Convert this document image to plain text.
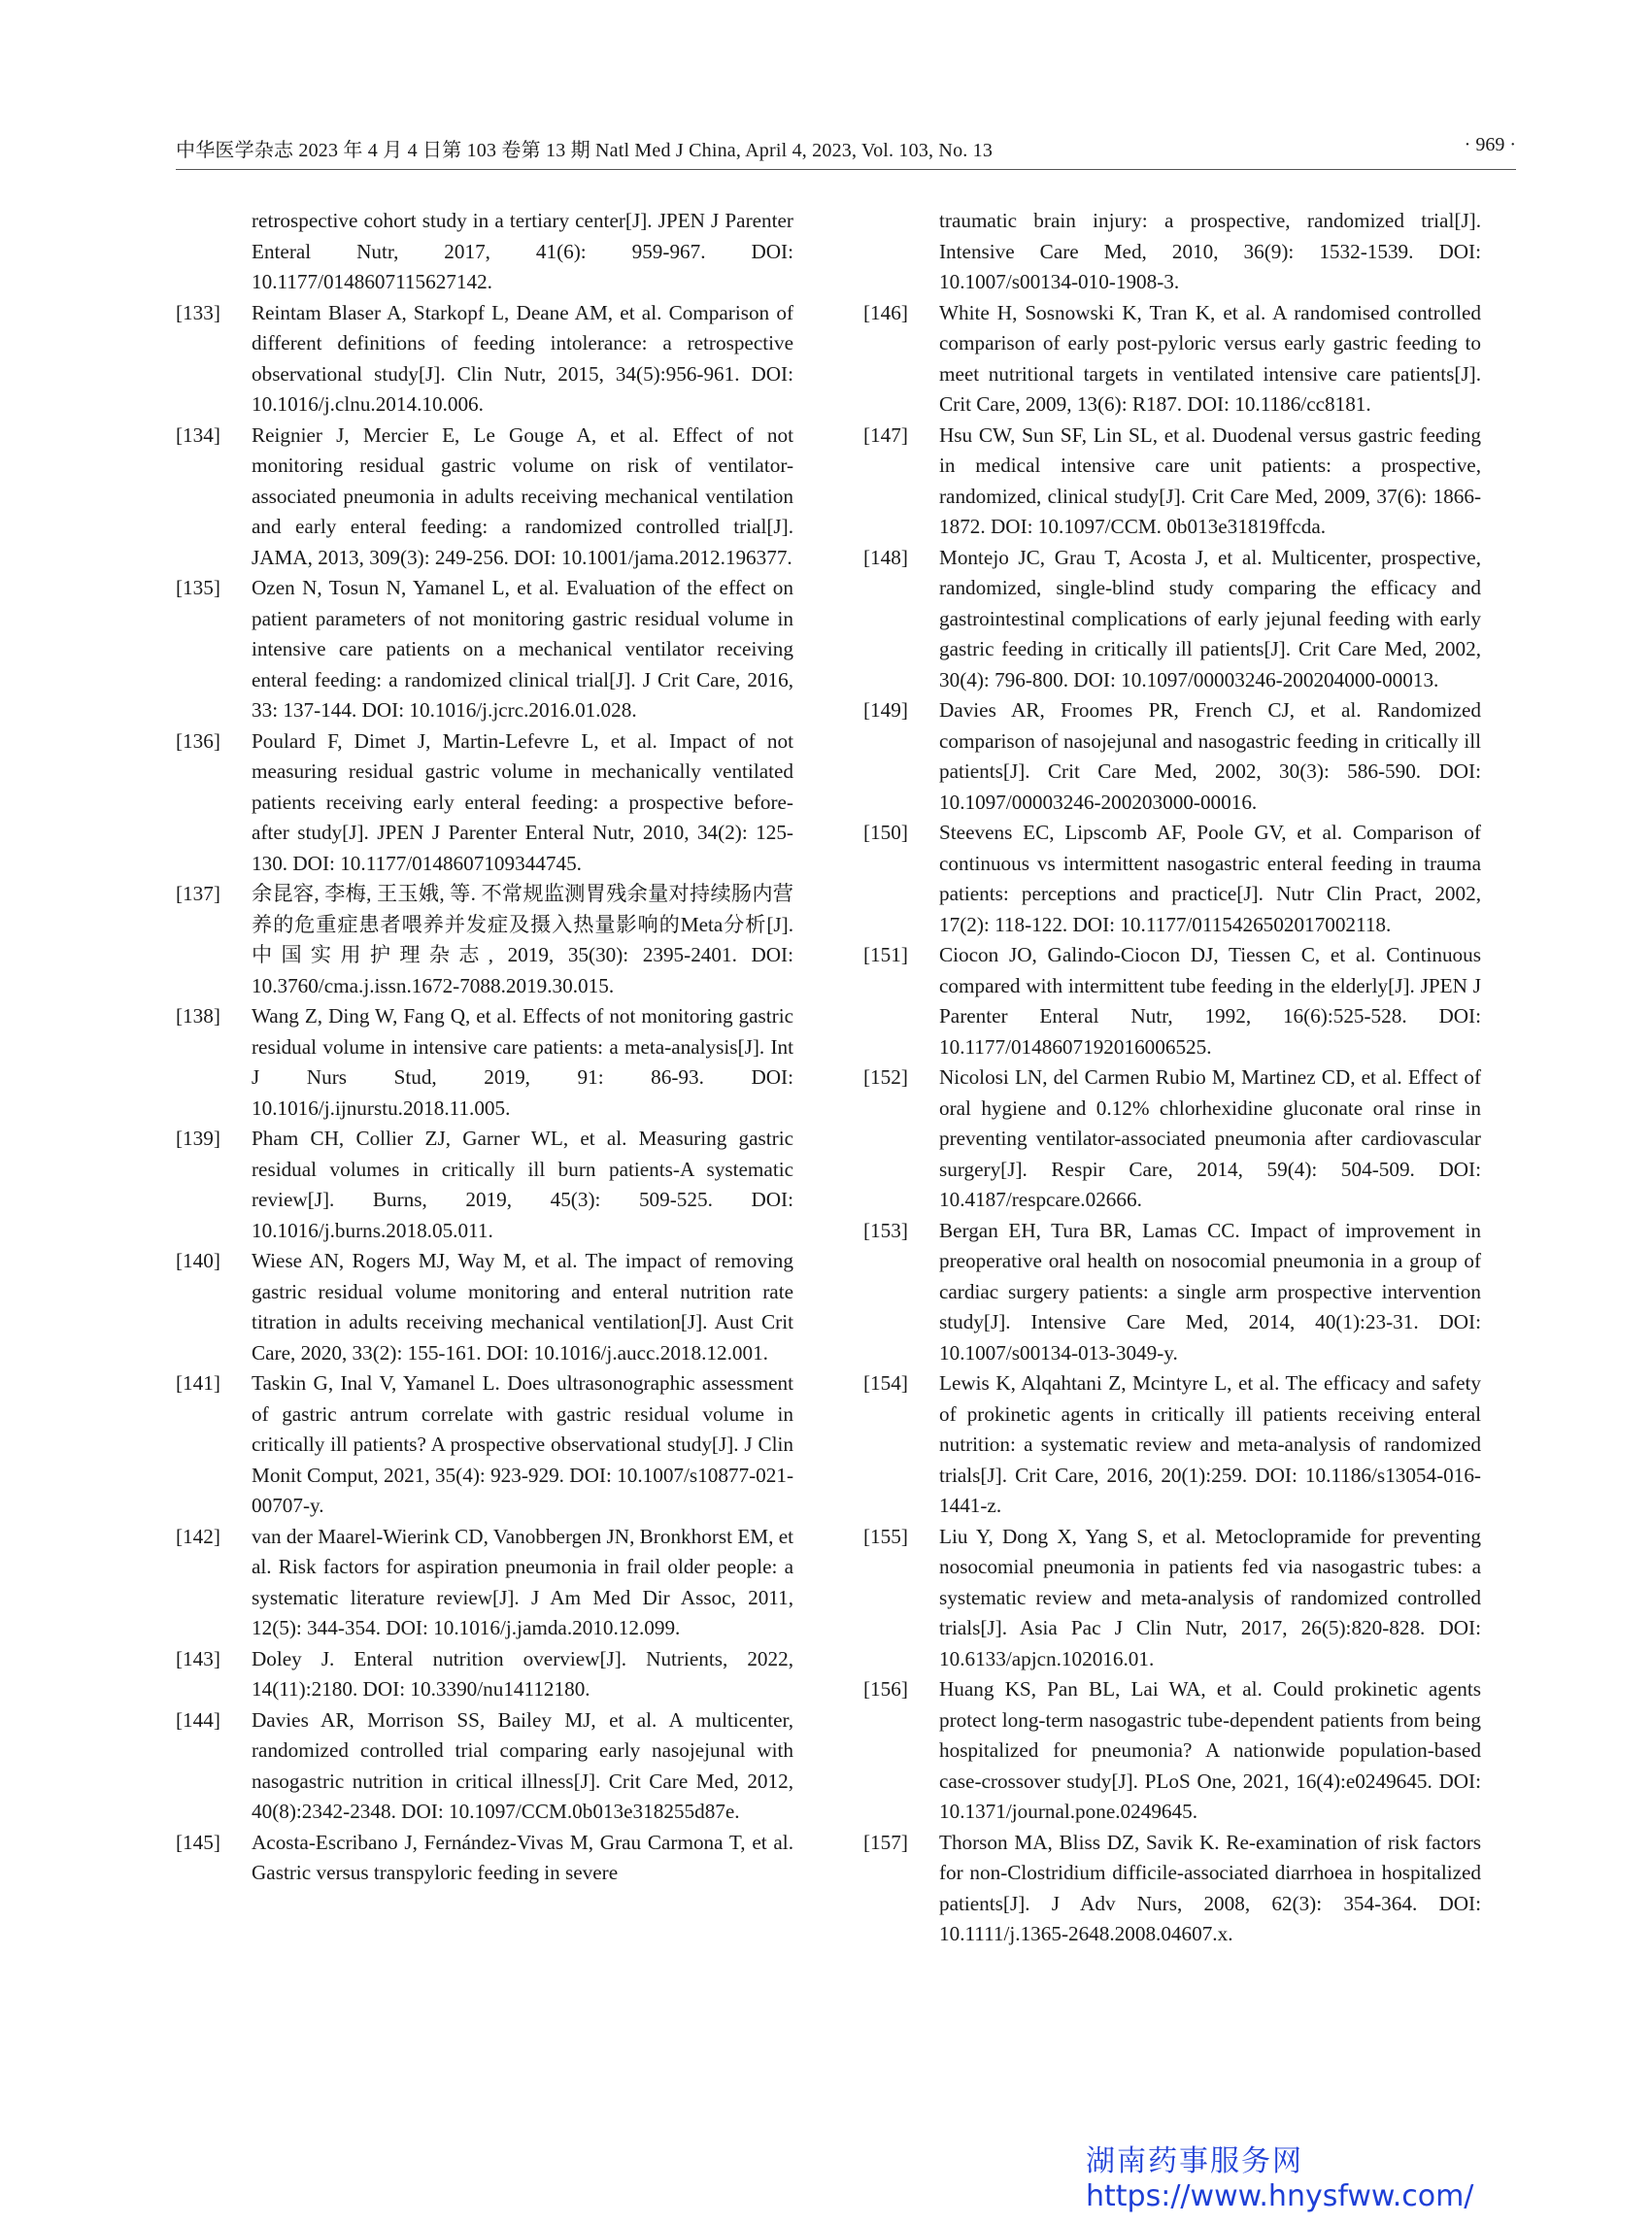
中华医学杂志 2023 年 4 月 4 日第 103 卷第 13 期 Natl Med J China, April 4, 2023, Vol. 103, No. 13	· 969 ·
retrospective cohort study in a tertiary center[J]. JPEN J Parenter Enteral Nutr, 2017, 41(6): 959-967. DOI: 10.1177/0148607115627142.
[133]	Reintam Blaser A, Starkopf L, Deane AM, et al. Comparison of different definitions of feeding intolerance: a retrospective observational study[J]. Clin Nutr, 2015, 34(5):956-961. DOI: 10.1016/j.clnu.2014.10.006.
[134]	Reignier J, Mercier E, Le Gouge A, et al. Effect of not monitoring residual gastric volume on risk of ventilator-associated pneumonia in adults receiving mechanical ventilation and early enteral feeding: a randomized controlled trial[J]. JAMA, 2013, 309(3): 249-256. DOI: 10.1001/jama.2012.196377.
[135]	Ozen N, Tosun N, Yamanel L, et al. Evaluation of the effect on patient parameters of not monitoring gastric residual volume in intensive care patients on a mechanical ventilator receiving enteral feeding: a randomized clinical trial[J]. J Crit Care, 2016, 33: 137-144. DOI: 10.1016/j.jcrc.2016.01.028.
[136]	Poulard F, Dimet J, Martin-Lefevre L, et al. Impact of not measuring residual gastric volume in mechanically ventilated patients receiving early enteral feeding: a prospective before-after study[J]. JPEN J Parenter Enteral Nutr, 2010, 34(2): 125-130. DOI: 10.1177/0148607109344745.
[137]	余昆容, 李梅, 王玉娥, 等. 不常规监测胃残余量对持续肠内营养的危重症患者喂养并发症及摄入热量影响的Meta分析[J]. 中国实用护理杂志, 2019, 35(30): 2395-2401. DOI: 10.3760/cma.j.issn.1672-7088.2019.30.015.
[138]	Wang Z, Ding W, Fang Q, et al. Effects of not monitoring gastric residual volume in intensive care patients: a meta-analysis[J]. Int J Nurs Stud, 2019, 91: 86-93. DOI: 10.1016/j.ijnurstu.2018.11.005.
[139]	Pham CH, Collier ZJ, Garner WL, et al. Measuring gastric residual volumes in critically ill burn patients-A systematic review[J]. Burns, 2019, 45(3): 509-525. DOI: 10.1016/j.burns.2018.05.011.
[140]	Wiese AN, Rogers MJ, Way M, et al. The impact of removing gastric residual volume monitoring and enteral nutrition rate titration in adults receiving mechanical ventilation[J]. Aust Crit Care, 2020, 33(2): 155-161. DOI: 10.1016/j.aucc.2018.12.001.
[141]	Taskin G, Inal V, Yamanel L. Does ultrasonographic assessment of gastric antrum correlate with gastric residual volume in critically ill patients? A prospective observational study[J]. J Clin Monit Comput, 2021, 35(4): 923-929. DOI: 10.1007/s10877-021-00707-y.
[142]	van der Maarel-Wierink CD, Vanobbergen JN, Bronkhorst EM, et al. Risk factors for aspiration pneumonia in frail older people: a systematic literature review[J]. J Am Med Dir Assoc, 2011, 12(5): 344-354. DOI: 10.1016/j.jamda.2010.12.099.
[143]	Doley J. Enteral nutrition overview[J]. Nutrients, 2022, 14(11):2180. DOI: 10.3390/nu14112180.
[144]	Davies AR, Morrison SS, Bailey MJ, et al. A multicenter, randomized controlled trial comparing early nasojejunal with nasogastric nutrition in critical illness[J]. Crit Care Med, 2012, 40(8):2342-2348. DOI: 10.1097/CCM.0b013e318255d87e.
[145]	Acosta-Escribano J, Fernández-Vivas M, Grau Carmona T, et al. Gastric versus transpyloric feeding in severe
traumatic brain injury: a prospective, randomized trial[J]. Intensive Care Med, 2010, 36(9): 1532-1539. DOI: 10.1007/s00134-010-1908-3.
[146]	White H, Sosnowski K, Tran K, et al. A randomised controlled comparison of early post-pyloric versus early gastric feeding to meet nutritional targets in ventilated intensive care patients[J]. Crit Care, 2009, 13(6): R187. DOI: 10.1186/cc8181.
[147]	Hsu CW, Sun SF, Lin SL, et al. Duodenal versus gastric feeding in medical intensive care unit patients: a prospective, randomized, clinical study[J]. Crit Care Med, 2009, 37(6): 1866-1872. DOI: 10.1097/CCM. 0b013e31819ffcda.
[148]	Montejo JC, Grau T, Acosta J, et al. Multicenter, prospective, randomized, single-blind study comparing the efficacy and gastrointestinal complications of early jejunal feeding with early gastric feeding in critically ill patients[J]. Crit Care Med, 2002, 30(4): 796-800. DOI: 10.1097/00003246-200204000-00013.
[149]	Davies AR, Froomes PR, French CJ, et al. Randomized comparison of nasojejunal and nasogastric feeding in critically ill patients[J]. Crit Care Med, 2002, 30(3): 586-590. DOI: 10.1097/00003246-200203000-00016.
[150]	Steevens EC, Lipscomb AF, Poole GV, et al. Comparison of continuous vs intermittent nasogastric enteral feeding in trauma patients: perceptions and practice[J]. Nutr Clin Pract, 2002, 17(2): 118-122. DOI: 10.1177/0115426502017002118.
[151]	Ciocon JO, Galindo-Ciocon DJ, Tiessen C, et al. Continuous compared with intermittent tube feeding in the elderly[J]. JPEN J Parenter Enteral Nutr, 1992, 16(6):525-528. DOI: 10.1177/0148607192016006525.
[152]	Nicolosi LN, del Carmen Rubio M, Martinez CD, et al. Effect of oral hygiene and 0.12% chlorhexidine gluconate oral rinse in preventing ventilator-associated pneumonia after cardiovascular surgery[J]. Respir Care, 2014, 59(4): 504-509. DOI: 10.4187/respcare.02666.
[153]	Bergan EH, Tura BR, Lamas CC. Impact of improvement in preoperative oral health on nosocomial pneumonia in a group of cardiac surgery patients: a single arm prospective intervention study[J]. Intensive Care Med, 2014, 40(1):23-31. DOI: 10.1007/s00134-013-3049-y.
[154]	Lewis K, Alqahtani Z, Mcintyre L, et al. The efficacy and safety of prokinetic agents in critically ill patients receiving enteral nutrition: a systematic review and meta-analysis of randomized trials[J]. Crit Care, 2016, 20(1):259. DOI: 10.1186/s13054-016-1441-z.
[155]	Liu Y, Dong X, Yang S, et al. Metoclopramide for preventing nosocomial pneumonia in patients fed via nasogastric tubes: a systematic review and meta-analysis of randomized controlled trials[J]. Asia Pac J Clin Nutr, 2017, 26(5):820-828. DOI: 10.6133/apjcn.102016.01.
[156]	Huang KS, Pan BL, Lai WA, et al. Could prokinetic agents protect long-term nasogastric tube-dependent patients from being hospitalized for pneumonia? A nationwide population-based case-crossover study[J]. PLoS One, 2021, 16(4):e0249645. DOI: 10.1371/journal.pone.0249645.
[157]	Thorson MA, Bliss DZ, Savik K. Re-examination of risk factors for non-Clostridium difficile-associated diarrhoea in hospitalized patients[J]. J Adv Nurs, 2008, 62(3): 354-364. DOI: 10.1111/j.1365-2648.2008.04607.x.
湖南药事服务网
https://www.hnysfww.com/
